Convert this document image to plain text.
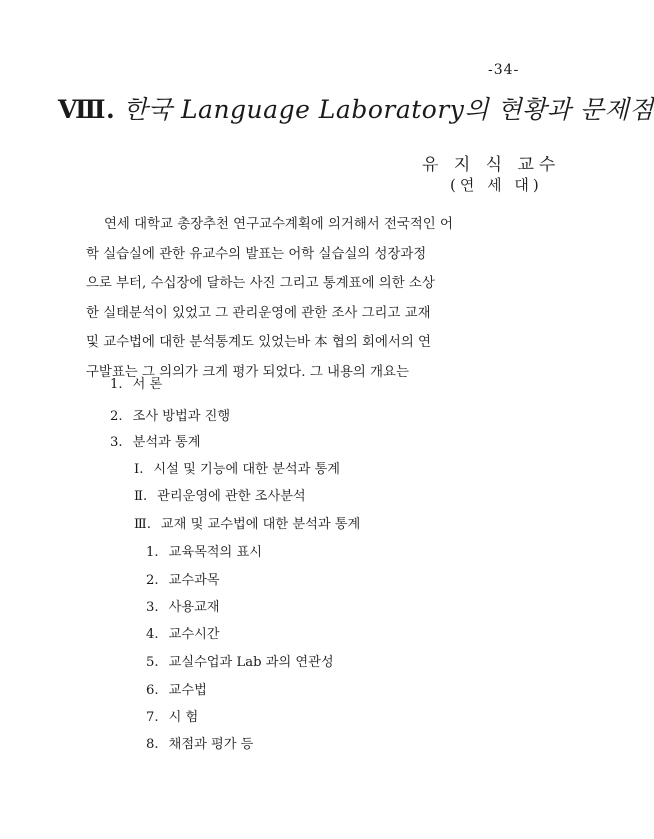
-34-
Ⅷ. 한국 Language Laboratory의 현황과 문제점
유 지 식 교수
(연 세 대)
연세 대학교 총장추천 연구교수계획에 의거해서 전국적인 어
학 실습실에 관한 유교수의 발표는 어학 실습실의 성장과정
으로 부터, 수십장에 달하는 사진 그리고 통계표에 의한 소상
한 실태분석이 있었고 그 관리운영에 관한 조사 그리고 교재
및 교수법에 대한 분석통계도 있었는바 本 협의 회에서의 연
구발표는 그 의의가 크게 평가 되었다. 그 내용의 개요는
1. 서 론
2. 조사 방법과 진행
3. 분석과 통계
Ⅰ. 시설 및 기능에 대한 분석과 통계
Ⅱ. 관리운영에 관한 조사분석
Ⅲ. 교재 및 교수법에 대한 분석과 통계
1. 교육목적의 표시
2. 교수과목
3. 사용교재
4. 교수시간
5. 교실수업과 Lab 과의 연관성
6. 교수법
7. 시 험
8. 채점과 평가 등
